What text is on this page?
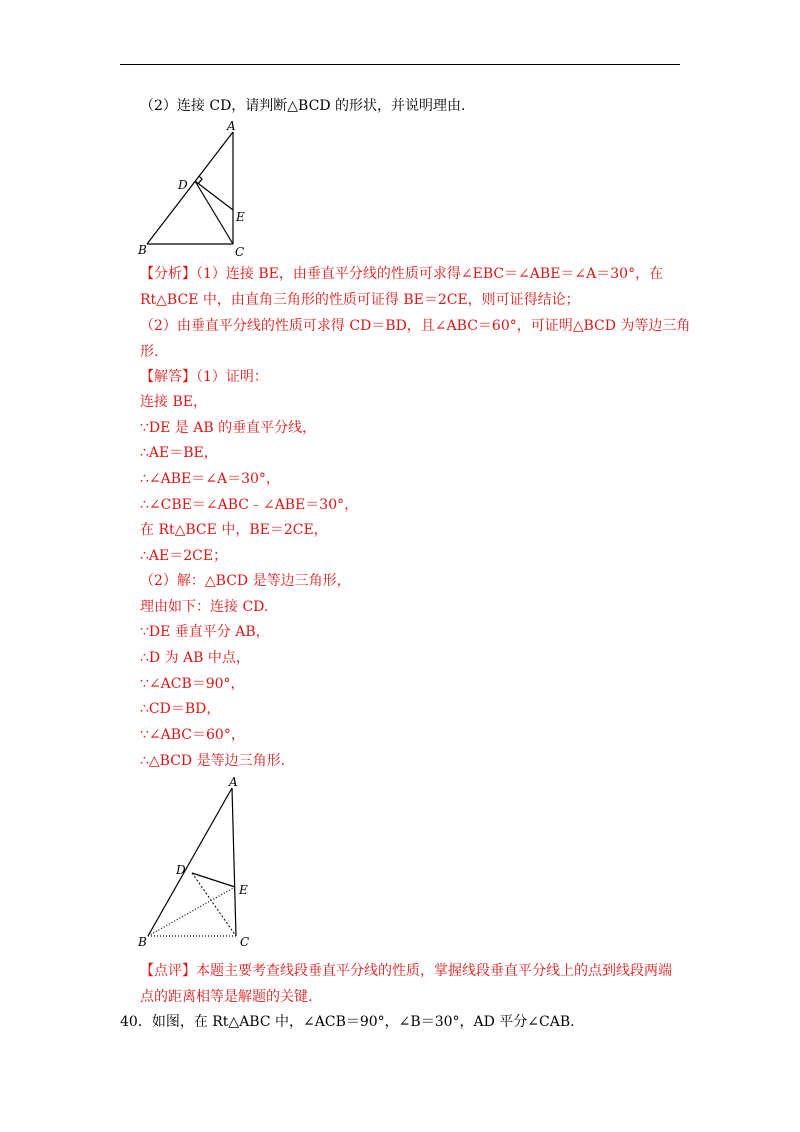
（2）连接 CD，请判断△BCD 的形状，并说明理由.
A
D
E
B	C
【分析】（1）连接 BE，由垂直平分线的性质可求得∠EBC＝∠ABE＝∠A＝30°，在
Rt△BCE 中，由直角三角形的性质可证得 BE＝2CE，则可证得结论；
（2）由垂直平分线的性质可求得 CD＝BD，且∠ABC＝60°，可证明△BCD 为等边三角
形.
【解答】（1）证明：
连接 BE，
∵DE 是 AB 的垂直平分线，
∴AE＝BE，
∴∠ABE＝∠A＝30°，
∴∠CBE＝∠ABC﹣∠ABE＝30°，
在 Rt△BCE 中，BE＝2CE，
∴AE＝2CE；
（2）解：△BCD 是等边三角形，
理由如下：连接 CD.
∵DE 垂直平分 AB，
∴D 为 AB 中点，
∵∠ACB＝90°，
∴CD＝BD，
∵∠ABC＝60°，
∴△BCD 是等边三角形.
A
D
E
B	C
【点评】本题主要考查线段垂直平分线的性质，掌握线段垂直平分线上的点到线段两端
点的距离相等是解题的关键.
40．如图，在 Rt△ABC 中，∠ACB＝90°，∠B＝30°，AD 平分∠CAB.
